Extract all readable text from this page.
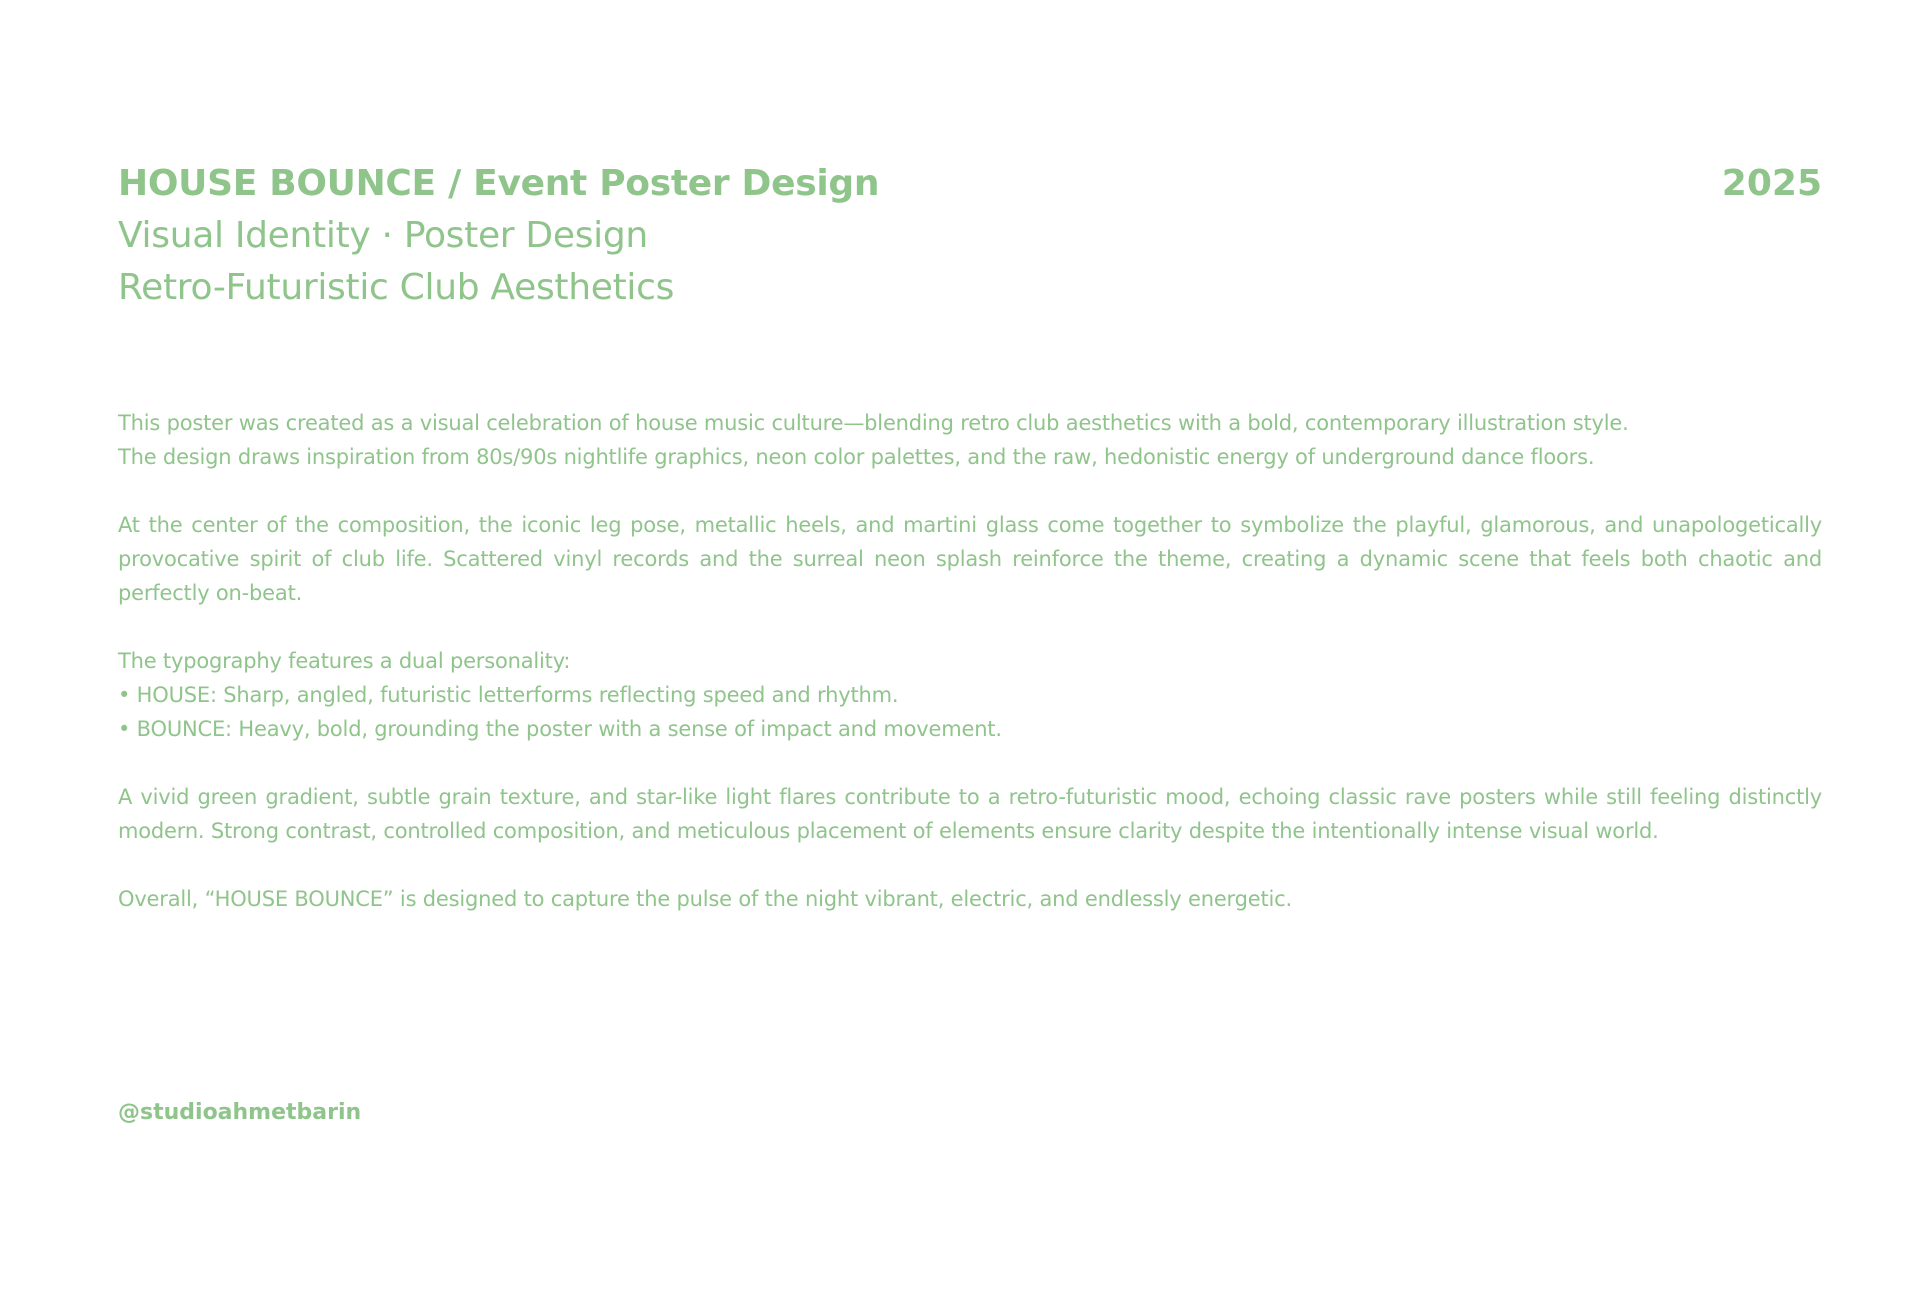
HOUSE BOUNCE / Event Poster Design	2025
Visual Identity · Poster Design
Retro-Futuristic Club Aesthetics

This poster was created as a visual celebration of house music culture—blending retro club aesthetics with a bold, contemporary illustration style.
The design draws inspiration from 80s/90s nightlife graphics, neon color palettes, and the raw, hedonistic energy of underground dance floors.

At the center of the composition, the iconic leg pose, metallic heels, and martini glass come together to symbolize the playful, glamorous, and unapologetically provocative spirit of club life. Scattered vinyl records and the surreal neon splash reinforce the theme, creating a dynamic scene that feels both chaotic and perfectly on-beat.

The typography features a dual personality:
• HOUSE: Sharp, angled, futuristic letterforms reflecting speed and rhythm.
• BOUNCE: Heavy, bold, grounding the poster with a sense of impact and movement.

A vivid green gradient, subtle grain texture, and star-like light flares contribute to a retro-futuristic mood, echoing classic rave posters while still feeling distinctly modern. Strong contrast, controlled composition, and meticulous placement of elements ensure clarity despite the intentionally intense visual world.

Overall, “HOUSE BOUNCE” is designed to capture the pulse of the night vibrant, electric, and endlessly energetic.

@studioahmetbarin
